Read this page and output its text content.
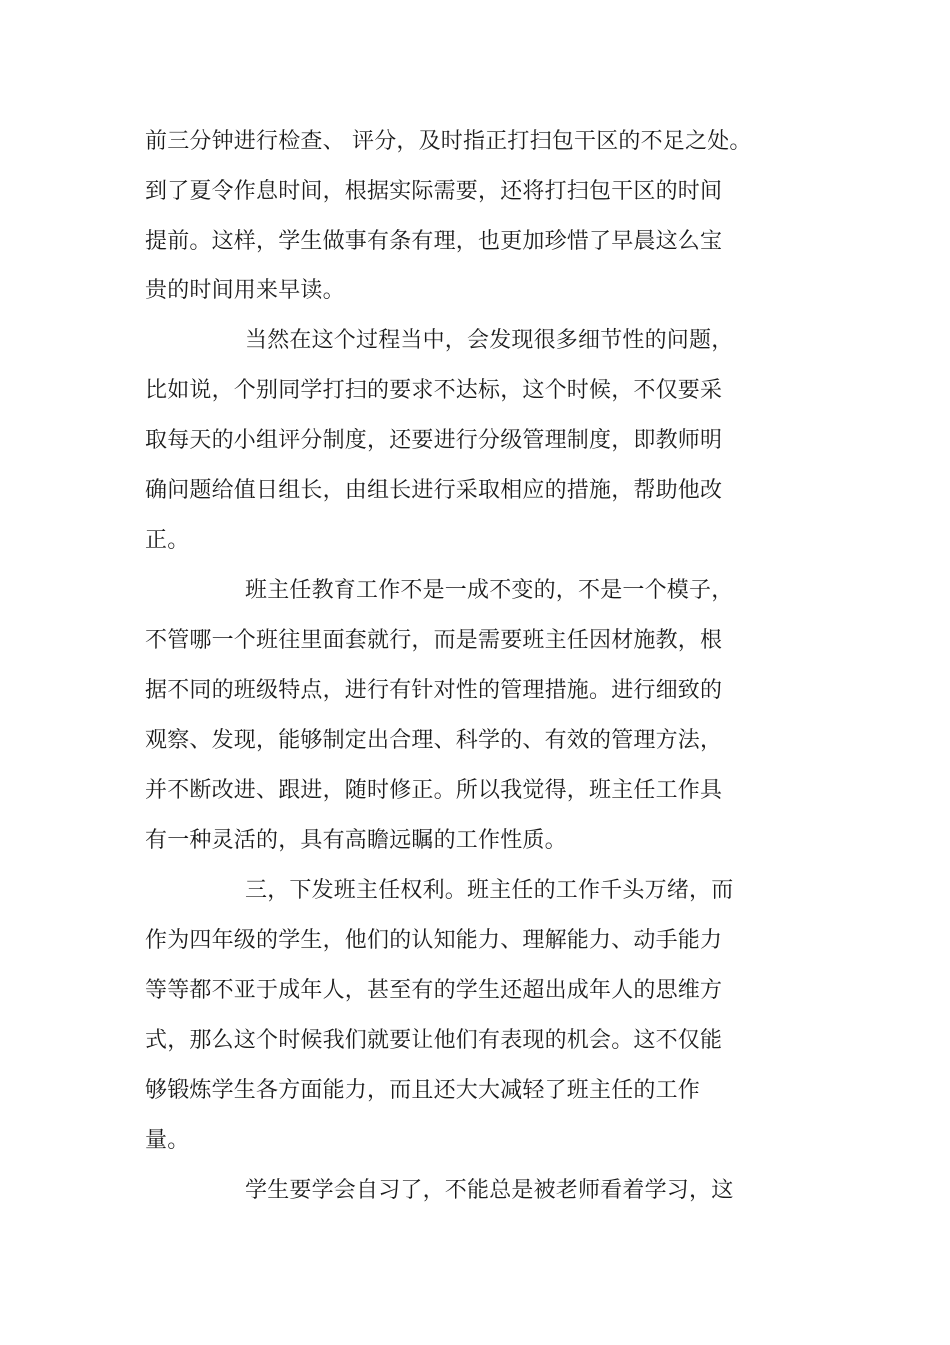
前三分钟进行检查、 评分，及时指正打扫包干区的不足之处。
到了夏令作息时间，根据实际需要，还将打扫包干区的时间
提前。这样，学生做事有条有理，也更加珍惜了早晨这么宝
贵的时间用来早读。
当然在这个过程当中，会发现很多细节性的问题，
比如说，个别同学打扫的要求不达标，这个时候，不仅要采
取每天的小组评分制度，还要进行分级管理制度，即教师明
确问题给值日组长，由组长进行采取相应的措施，帮助他改
正。
班主任教育工作不是一成不变的，不是一个模子，
不管哪一个班往里面套就行，而是需要班主任因材施教，根
据不同的班级特点，进行有针对性的管理措施。进行细致的
观察、发现，能够制定出合理、科学的、有效的管理方法，
并不断改进、跟进，随时修正。所以我觉得，班主任工作具
有一种灵活的，具有高瞻远瞩的工作性质。
三，下发班主任权利。班主任的工作千头万绪，而
作为四年级的学生，他们的认知能力、理解能力、动手能力
等等都不亚于成年人，甚至有的学生还超出成年人的思维方
式，那么这个时候我们就要让他们有表现的机会。这不仅能
够锻炼学生各方面能力，而且还大大减轻了班主任的工作
量。
学生要学会自习了，不能总是被老师看着学习，这
